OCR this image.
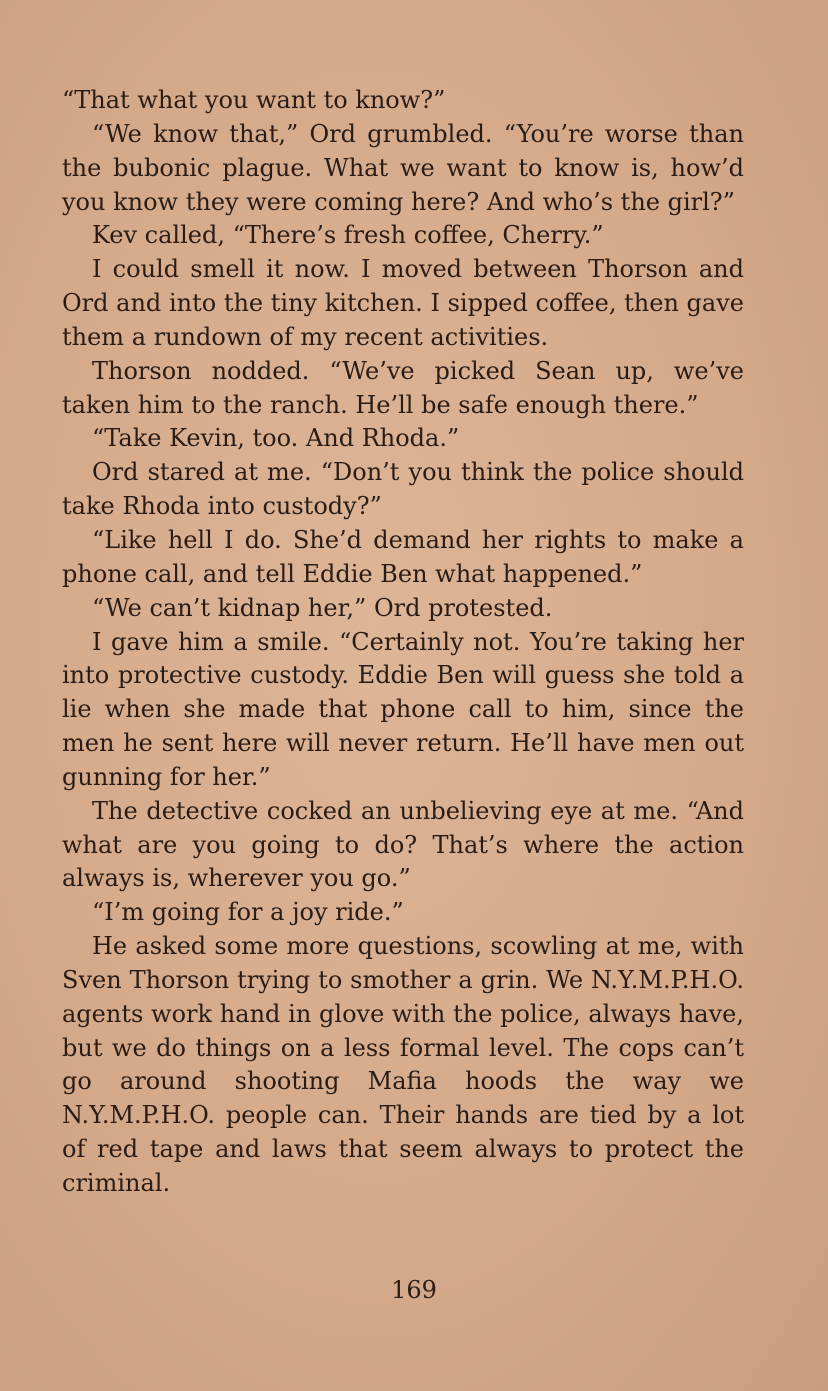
“That what you want to know?”

“We know that,” Ord grumbled. “You’re worse than the bubonic plague. What we want to know is, how’d you know they were coming here? And who’s the girl?”

Kev called, “There’s fresh coffee, Cherry.”

I could smell it now. I moved between Thorson and Ord and into the tiny kitchen. I sipped coffee, then gave them a rundown of my recent activities.

Thorson nodded. “We’ve picked Sean up, we’ve taken him to the ranch. He’ll be safe enough there.”

“Take Kevin, too. And Rhoda.”

Ord stared at me. “Don’t you think the police should take Rhoda into custody?”

“Like hell I do. She’d demand her rights to make a phone call, and tell Eddie Ben what happened.”

“We can’t kidnap her,” Ord protested.

I gave him a smile. “Certainly not. You’re taking her into protective custody. Eddie Ben will guess she told a lie when she made that phone call to him, since the men he sent here will never return. He’ll have men out gunning for her.”

The detective cocked an unbelieving eye at me. “And what are you going to do? That’s where the action always is, wherever you go.”

“I’m going for a joy ride.”

He asked some more questions, scowling at me, with Sven Thorson trying to smother a grin. We N.Y.M.P.H.O. agents work hand in glove with the police, always have, but we do things on a less formal level. The cops can’t go around shooting Mafia hoods the way we N.Y.M.P.H.O. people can. Their hands are tied by a lot of red tape and laws that seem always to protect the criminal.

169
